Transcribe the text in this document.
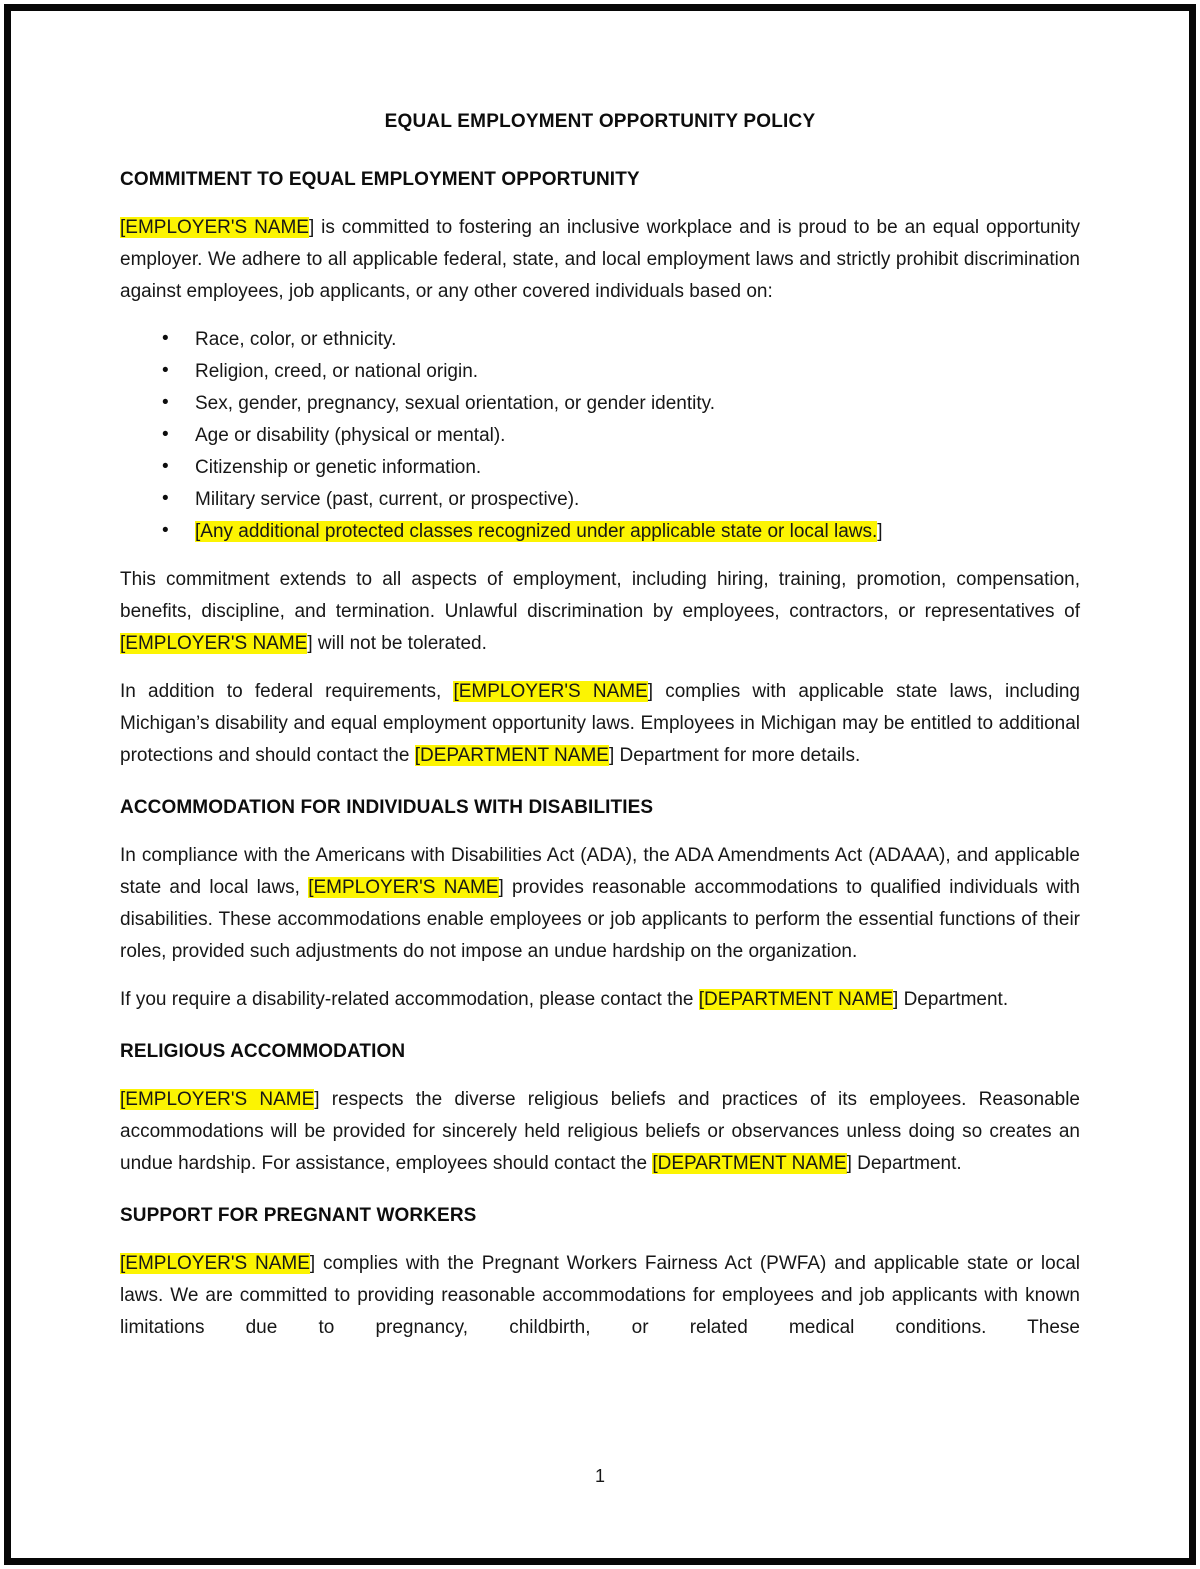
EQUAL EMPLOYMENT OPPORTUNITY POLICY
COMMITMENT TO EQUAL EMPLOYMENT OPPORTUNITY

[EMPLOYER'S NAME] is committed to fostering an inclusive workplace and is proud to be an equal opportunity employer. We adhere to all applicable federal, state, and local employment laws and strictly prohibit discrimination against employees, job applicants, or any other covered individuals based on:

• Race, color, or ethnicity.
• Religion, creed, or national origin.
• Sex, gender, pregnancy, sexual orientation, or gender identity.
• Age or disability (physical or mental).
• Citizenship or genetic information.
• Military service (past, current, or prospective).
• [Any additional protected classes recognized under applicable state or local laws.]

This commitment extends to all aspects of employment, including hiring, training, promotion, compensation, benefits, discipline, and termination. Unlawful discrimination by employees, contractors, or representatives of [EMPLOYER'S NAME] will not be tolerated.

In addition to federal requirements, [EMPLOYER'S NAME] complies with applicable state laws, including Michigan’s disability and equal employment opportunity laws. Employees in Michigan may be entitled to additional protections and should contact the [DEPARTMENT NAME] Department for more details.

ACCOMMODATION FOR INDIVIDUALS WITH DISABILITIES

In compliance with the Americans with Disabilities Act (ADA), the ADA Amendments Act (ADAAA), and applicable state and local laws, [EMPLOYER'S NAME] provides reasonable accommodations to qualified individuals with disabilities. These accommodations enable employees or job applicants to perform the essential functions of their roles, provided such adjustments do not impose an undue hardship on the organization.

If you require a disability-related accommodation, please contact the [DEPARTMENT NAME] Department.

RELIGIOUS ACCOMMODATION

[EMPLOYER'S NAME] respects the diverse religious beliefs and practices of its employees. Reasonable accommodations will be provided for sincerely held religious beliefs or observances unless doing so creates an undue hardship. For assistance, employees should contact the [DEPARTMENT NAME] Department.

SUPPORT FOR PREGNANT WORKERS

[EMPLOYER'S NAME] complies with the Pregnant Workers Fairness Act (PWFA) and applicable state or local laws. We are committed to providing reasonable accommodations for employees and job applicants with known limitations due to pregnancy, childbirth, or related medical conditions. These

1
